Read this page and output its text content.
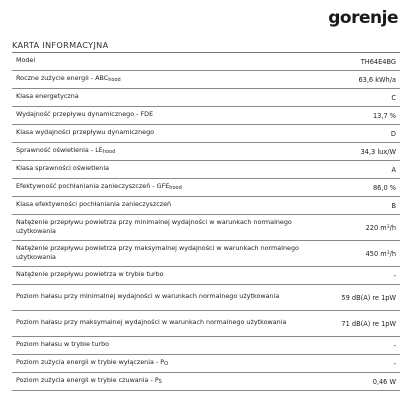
gorenje
KARTA INFORMACYJNA
Model	TH64E4BG
Roczne zużycie energii - $ABC_{hood}$	63,6 kWh/a
Klasa energetyczna	C
Wydajność przepływu dynamicznego - FDE	13,7 %
Klasa wydajności przepływu dynamicznego	D
Sprawność oświetlenia - $LE_{hood}$	34,3 lux/W
Klasa sprawności oświetlenia	A
Efektywność pochłaniania zanieczyszczeń - $GFE_{hood}$	86,0 %
Klasa efektywności pochłaniania zanieczyszczeń	B
Natężenie przepływu powietrza przy minimalnej wydajności w warunkach normalnego użytkowania	220 $m^3/h$
Natężenie przepływu powietrza przy maksymalnej wydajności w warunkach normalnego użytkowania	450 $m^3/h$
Natężenie przepływu powietrza w trybie turbo	-
Poziom hałasu przy minimalnej wydajności w warunkach normalnego użytkowania	59 dB(A) re 1pW
Poziom hałasu przy maksymalnej wydajności w warunkach normalnego użytkowania	71 dB(A) re 1pW
Poziom hałasu w trybie turbo	-
Poziom zużycia energii w trybie wyłączenia - $P_O$	-
Poziom zużycia energii w trybie czuwania - $P_S$	0,46 W
